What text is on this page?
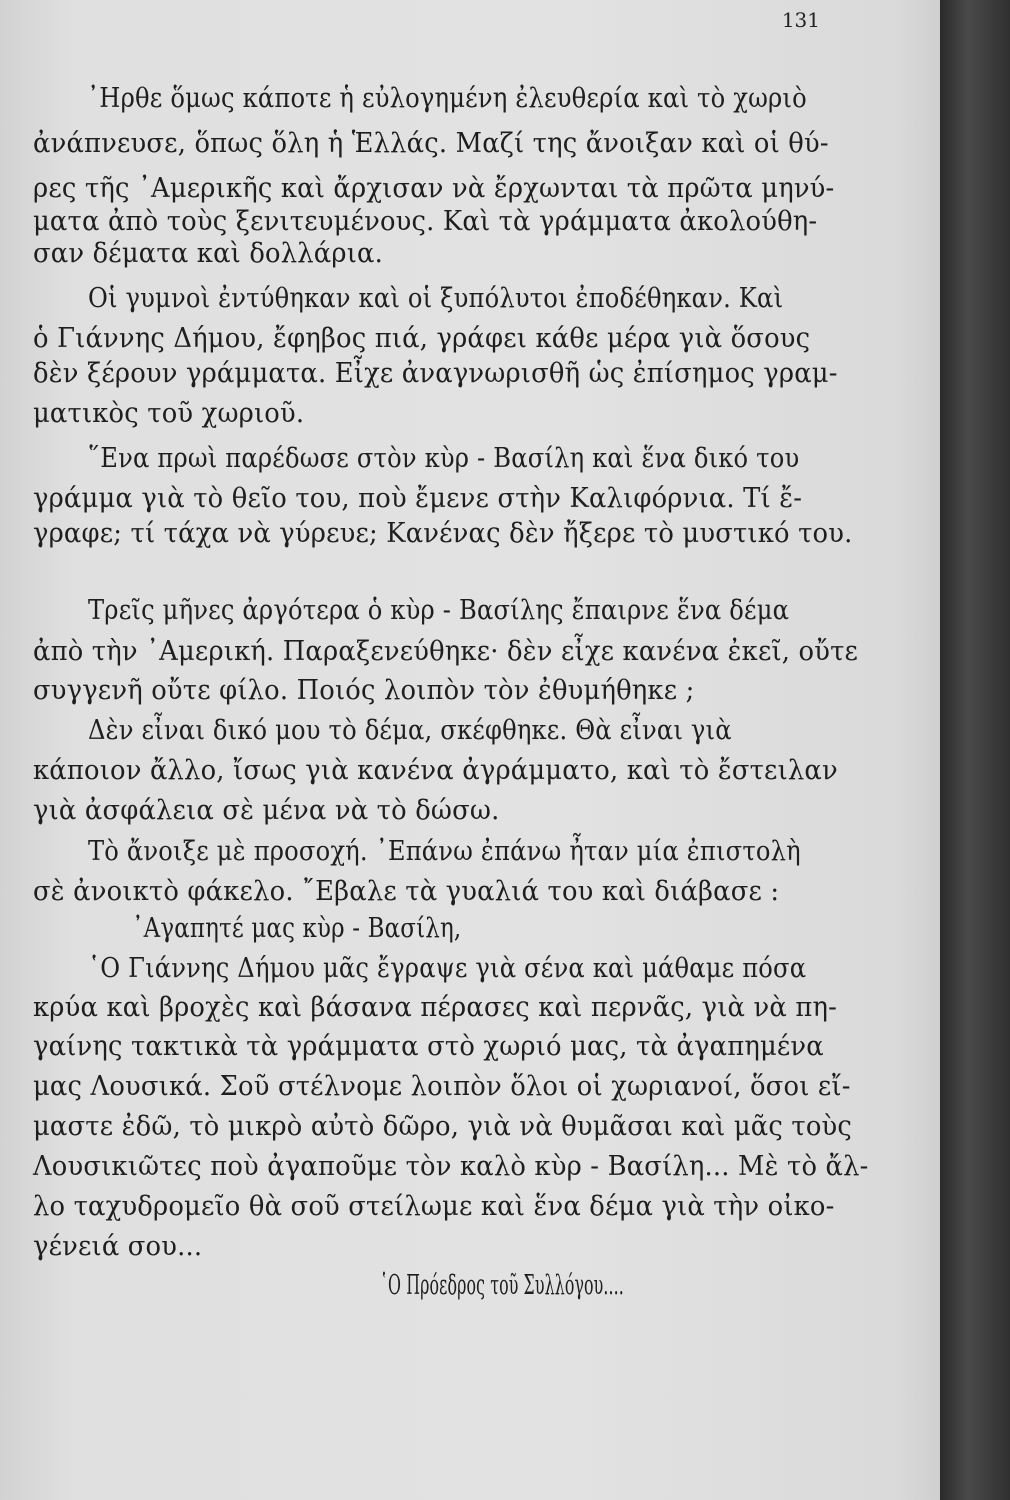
131
᾿Ηρθε ὅμως κάποτε ἡ εὐλογημένη ἐλευθερία καὶ τὸ χωριὸ
ἀνάπνευσε, ὅπως ὅλη ἡ Ἑλλάς. Μαζί της ἄνοιξαν καὶ οἱ θύ-
ρες τῆς ᾿Αμερικῆς καὶ ἄρχισαν νὰ ἔρχωνται τὰ πρῶτα μηνύ-
ματα ἀπὸ τοὺς ξενιτευμένους. Καὶ τὰ γράμματα ἀκολούθη-
σαν δέματα καὶ δολλάρια.
Οἱ γυμνοὶ ἐντύθηκαν καὶ οἱ ξυπόλυτοι ἐποδέθηκαν. Καὶ
ὁ Γιάννης Δήμου, ἔφηβος πιά, γράφει κάθε μέρα γιὰ ὅσους
δὲν ξέρουν γράμματα. Εἶχε ἀναγνωρισθῆ ὡς ἐπίσημος γραμ-
ματικὸς τοῦ χωριοῦ.
῞Ενα πρωὶ παρέδωσε στὸν κὺρ - Βασίλη καὶ ἕνα δικό του
γράμμα γιὰ τὸ θεῖο του, ποὺ ἔμενε στὴν Καλιφόρνια. Τί ἔ-
γραφε; τί τάχα νὰ γύρευε; Κανένας δὲν ἤξερε τὸ μυστικό του.
Τρεῖς μῆνες ἀργότερα ὁ κὺρ - Βασίλης ἔπαιρνε ἕνα δέμα
ἀπὸ τὴν ᾿Αμερική. Παραξενεύθηκε· δὲν εἶχε κανένα ἐκεῖ, οὔτε
συγγενῆ οὔτε φίλο. Ποιός λοιπὸν τὸν ἐθυμήθηκε ;
Δὲν εἶναι δικό μου τὸ δέμα, σκέφθηκε. Θὰ εἶναι γιὰ
κάποιον ἄλλο, ἴσως γιὰ κανένα ἀγράμματο, καὶ τὸ ἔστειλαν
γιὰ ἀσφάλεια σὲ μένα νὰ τὸ δώσω.
Τὸ ἄνοιξε μὲ προσοχή. ᾿Επάνω ἐπάνω ἦταν μία ἐπιστολὴ
σὲ ἀνοικτὸ φάκελο. ῎Εβαλε τὰ γυαλιά του καὶ διάβασε :
᾿Αγαπητέ μας κὺρ - Βασίλη,
῾Ο Γιάννης Δήμου μᾶς ἔγραψε γιὰ σένα καὶ μάθαμε πόσα
κρύα καὶ βροχὲς καὶ βάσανα πέρασες καὶ περνᾶς, γιὰ νὰ πη-
γαίνης τακτικὰ τὰ γράμματα στὸ χωριό μας, τὰ ἀγαπημένα
μας Λουσικά. Σοῦ στέλνομε λοιπὸν ὅλοι οἱ χωριανοί, ὅσοι εἴ-
μαστε ἐδῶ, τὸ μικρὸ αὐτὸ δῶρο, γιὰ νὰ θυμᾶσαι καὶ μᾶς τοὺς
Λουσικιῶτες ποὺ ἀγαποῦμε τὸν καλὸ κὺρ - Βασίλη... Μὲ τὸ ἄλ-
λο ταχυδρομεῖο θὰ σοῦ στείλωμε καὶ ἕνα δέμα γιὰ τὴν οἰκο-
γένειά σου...
῾Ο Πρόεδρος τοῦ Συλλόγου....
